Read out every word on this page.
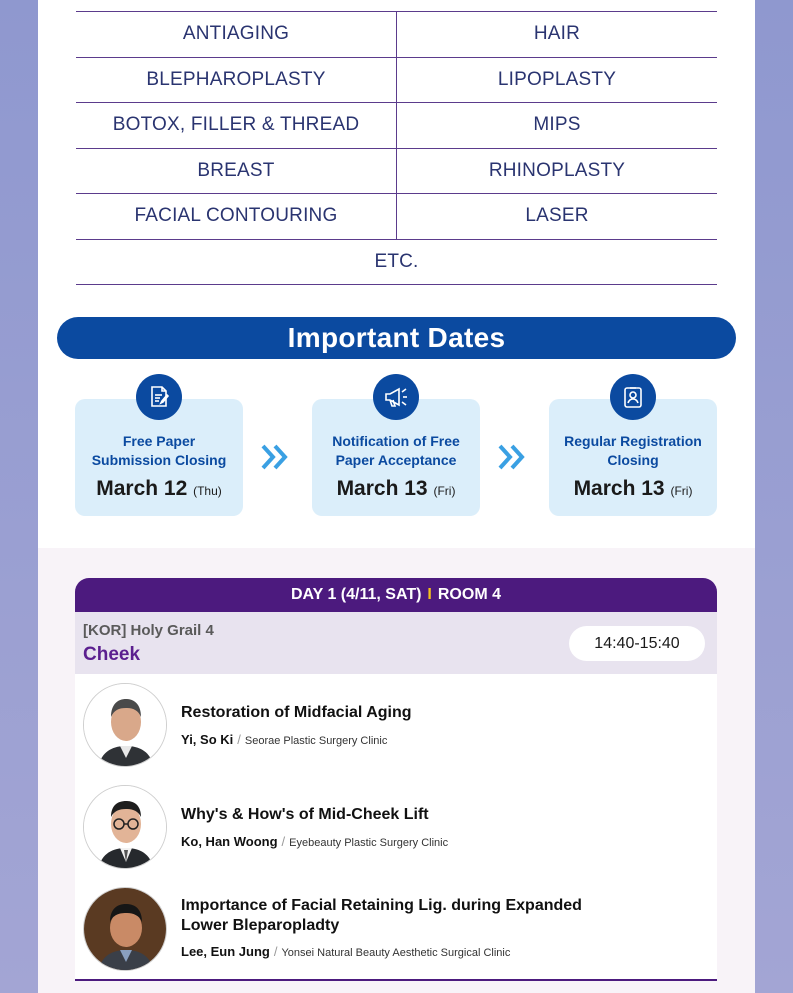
ANTIAGING	HAIR
BLEPHAROPLASTY	LIPOPLASTY
BOTOX, FILLER & THREAD	MIPS
BREAST	RHINOPLASTY
FACIAL CONTOURING	LASER
ETC.
Important Dates
Free Paper
Submission Closing
March 12 (Thu)
Notification of Free
Paper Acceptance
March 13 (Fri)
Regular Registration
Closing
March 13 (Fri)
DAY 1 (4/11, SAT) I ROOM 4
[KOR] Holy Grail 4
Cheek
14:40-15:40
Restoration of Midfacial Aging
Yi, So Ki / Seorae Plastic Surgery Clinic
Why's & How's of Mid-Cheek Lift
Ko, Han Woong / Eyebeauty Plastic Surgery Clinic
Importance of Facial Retaining Lig. during Expanded Lower Bleparopladty
Lee, Eun Jung / Yonsei Natural Beauty Aesthetic Surgical Clinic
